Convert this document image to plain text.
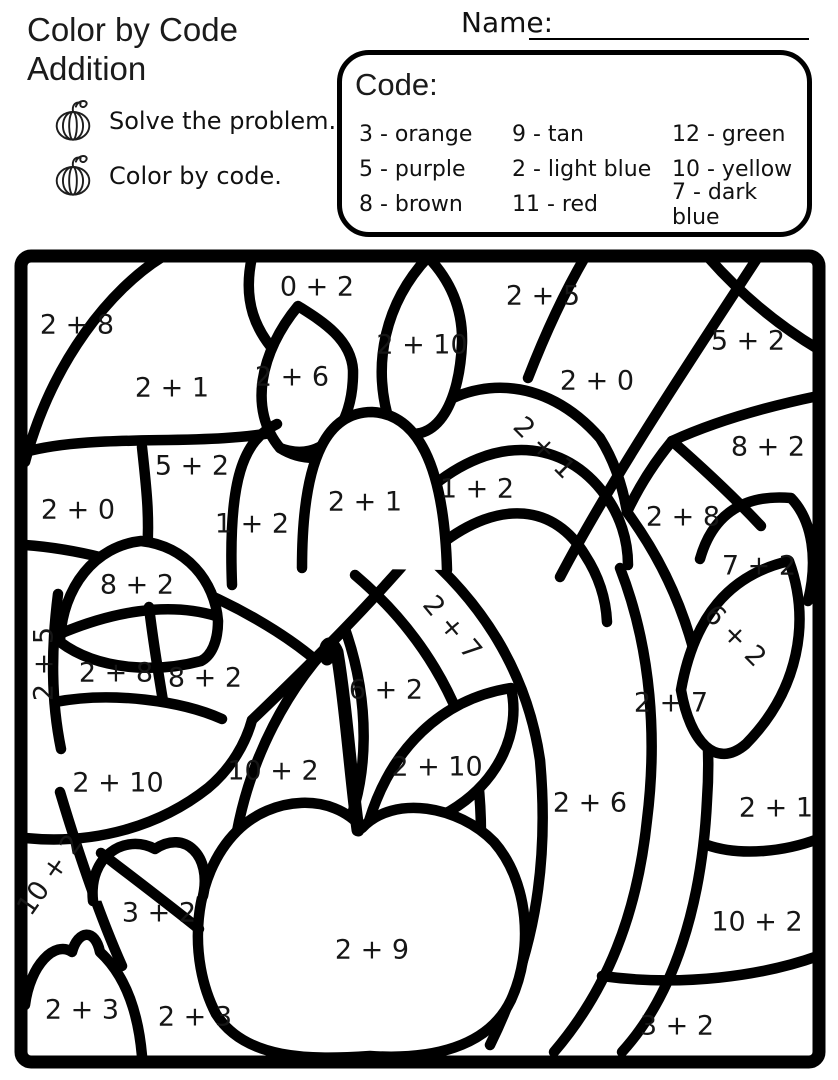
Color by Code
Addition
Name:
Solve the problem.
Color by code.
Code:
3 - orange	9 - tan	12 - green
5 - purple	2 - light blue 10 - yellow
8 - brown	11 - red	7 - dark blue
2 + 8
0 + 2
2 + 1 2 + 6
2 + 10
2 + 5
2 + 0
5 + 2
8 + 2
2 + 1
5 + 2
1 + 2
2 + 1 1 + 2
2 + 0	2 + 8
8 + 2
7 + 2
2 + 5 2 + 8 8 + 2
2 + 7	6 + 2
6 + 2	2 + 7
2 + 10 10 + 2	2 + 10
2 + 6	2 + 1
10 + 2 3 + 2
2 + 9
10 + 2
2 + 3 2 + 3	3 + 2
